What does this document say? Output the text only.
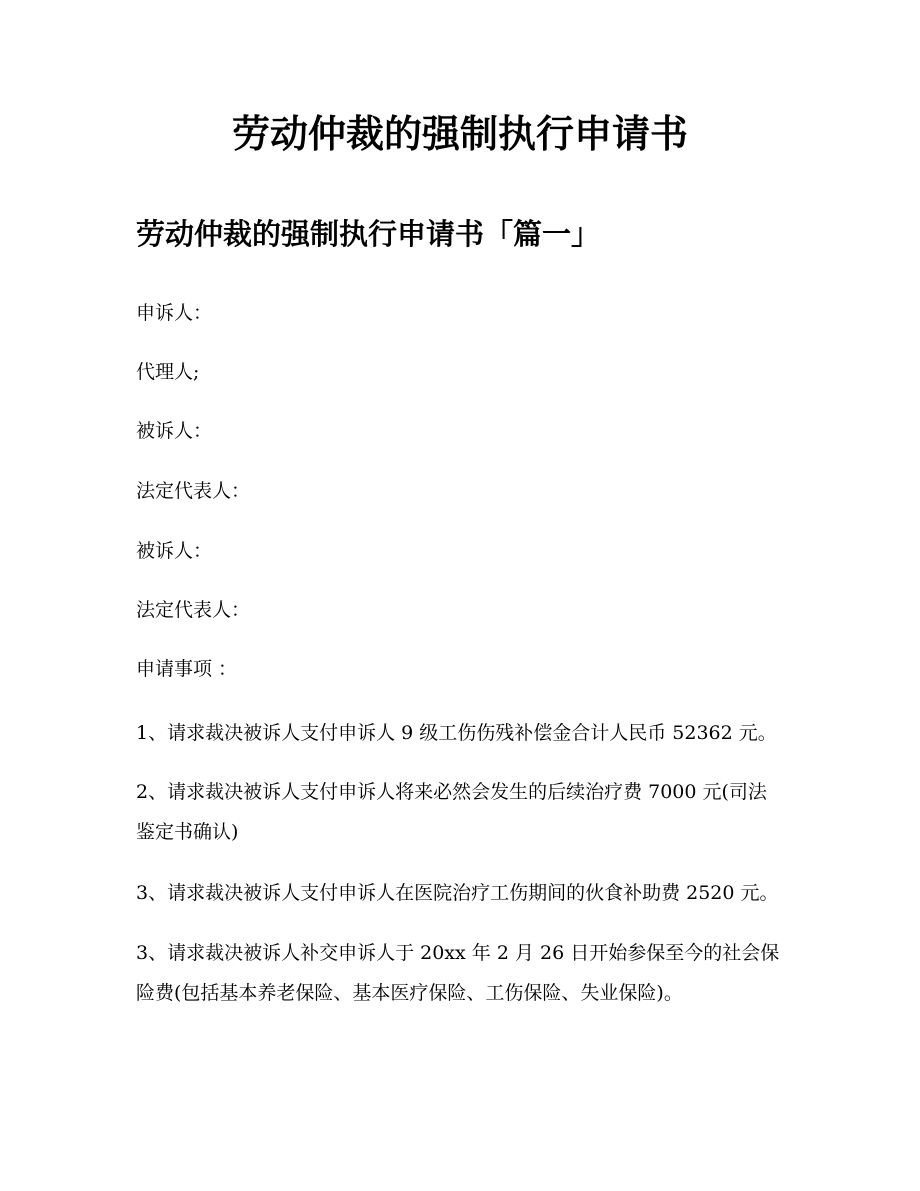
劳动仲裁的强制执行申请书
劳动仲裁的强制执行申请书「篇一」

申诉人：

代理人;

被诉人：

法定代表人：

被诉人：

法定代表人：

申请事项 ：

1、请求裁决被诉人支付申诉人 9 级工伤伤残补偿金合计人民币 52362 元。

2、请求裁决被诉人支付申诉人将来必然会发生的后续治疗费 7000 元(司法鉴定书确认)

3、请求裁决被诉人支付申诉人在医院治疗工伤期间的伙食补助费 2520 元。

3、请求裁决被诉人补交申诉人于 20xx 年 2 月 26 日开始参保至今的社会保险费(包括基本养老保险、基本医疗保险、工伤保险、失业保险)。
